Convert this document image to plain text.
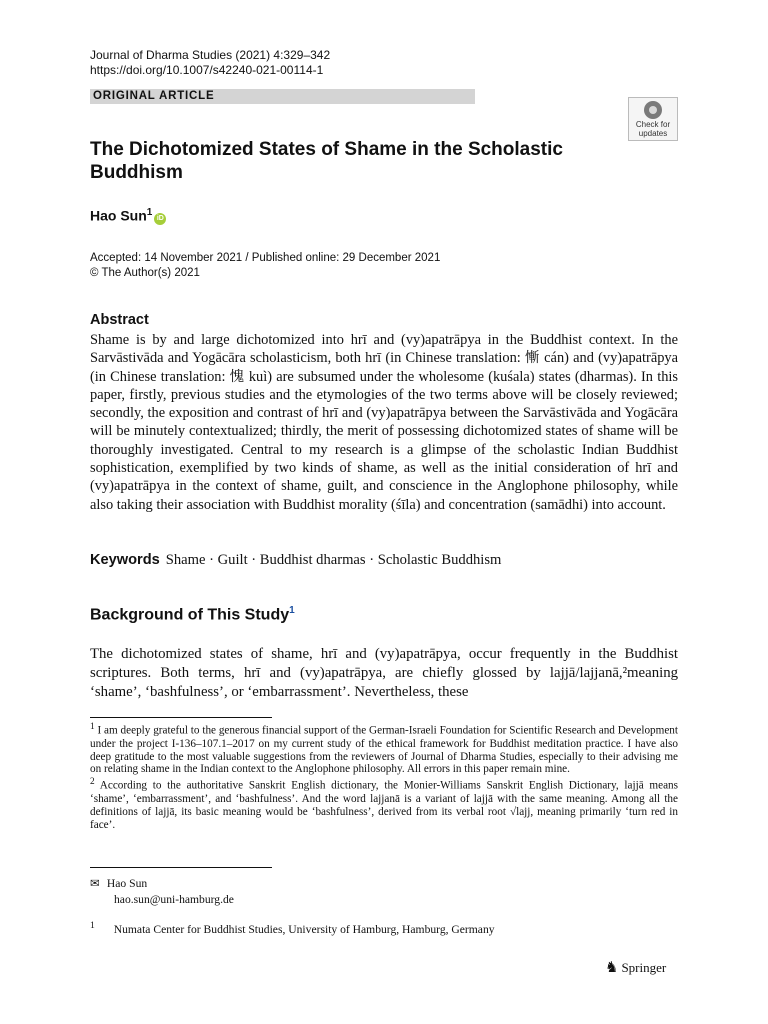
Journal of Dharma Studies (2021) 4:329–342
https://doi.org/10.1007/s42240-021-00114-1
ORIGINAL ARTICLE
Check for
updates
The Dichotomized States of Shame in the Scholastic Buddhism
Hao Sun$^1$iD
Accepted: 14 November 2021 / Published online: 29 December 2021
© The Author(s) 2021
Abstract
Shame is by and large dichotomized into hrī and (vy)apatrāpya in the Buddhist context. In the Sarvāstivāda and Yogācāra scholasticism, both hrī (in Chinese translation: 慚 cán) and (vy)apatrāpya (in Chinese translation: 愧 kuì) are subsumed under the wholesome (kuśala) states (dharmas). In this paper, firstly, previous studies and the etymologies of the two terms above will be closely reviewed; secondly, the exposition and contrast of hrī and (vy)apatrāpya between the Sarvāstivāda and Yogācāra will be minutely contextualized; thirdly, the merit of possessing dichotomized states of shame will be thoroughly investigated. Central to my research is a glimpse of the scholastic Indian Buddhist sophistication, exemplified by two kinds of shame, as well as the initial consideration of hrī and (vy)apatrāpya in the context of shame, guilt, and conscience in the Anglophone philosophy, while also taking their association with Buddhist morality (śīla) and concentration (samādhi) into account.
Keywords Shame · Guilt · Buddhist dharmas · Scholastic Buddhism
Background of This Study$^1$
The dichotomized states of shame, hrī and (vy)apatrāpya, occur frequently in the Buddhist scriptures. Both terms, hrī and (vy)apatrāpya, are chiefly glossed by lajjā/lajjanā,²meaning ‘shame’, ‘bashfulness’, or ‘embarrassment’. Nevertheless, these

$^1$ I am deeply grateful to the generous financial support of the German-Israeli Foundation for Scientific Research and Development under the project I-136–107.1–2017 on my current study of the ethical framework for Buddhist meditation practice. I have also deep gratitude to the most valuable suggestions from the reviewers of Journal of Dharma Studies, especially to their advising me on relating shame in the Indian context to the Anglophone philosophy. All errors in this paper remain mine.

$^2$ According to the authoritative Sanskrit English dictionary, the Monier-Williams Sanskrit English Dictionary, lajjā means ‘shame’, ‘embarrassment’, and ‘bashfulness’. And the word lajjanā is a variant of lajjā with the same meaning. Among all the definitions of lajjā, its basic meaning would be ‘bashfulness’, derived from its verbal root √lajj, meaning primarily ‘turn red in face’.

✉ Hao Sun
hao.sun@uni-hamburg.de
$^1$ Numata Center for Buddhist Studies, University of Hamburg, Hamburg, Germany
♞ Springer
